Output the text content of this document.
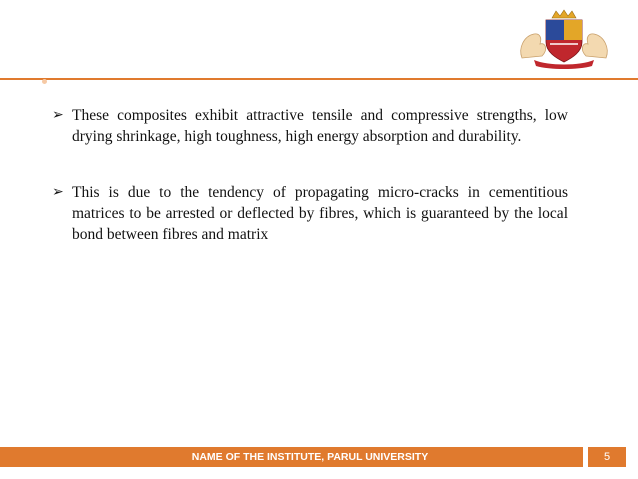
➢ These composites exhibit attractive tensile and compressive strengths, low drying shrinkage, high toughness, high energy absorption and durability.
➢ This is due to the tendency of propagating micro-cracks in cementitious matrices to be arrested or deflected by fibres, which is guaranteed by the local bond between fibres and matrix
NAME OF THE INSTITUTE, PARUL UNIVERSITY	5
